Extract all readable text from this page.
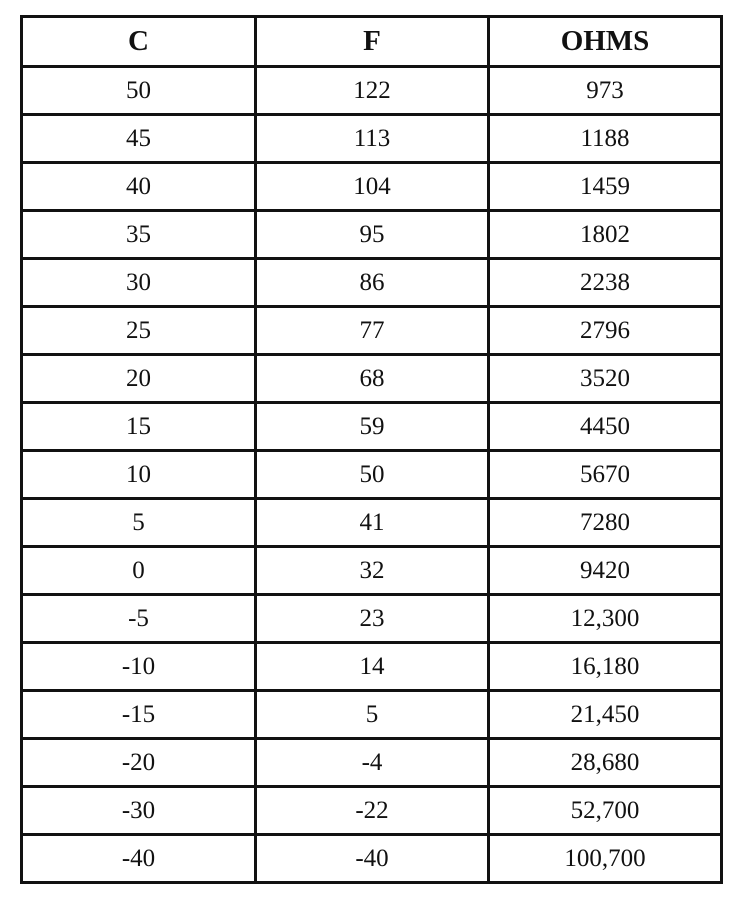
C	F	OHMS
50	122	973
45	113	1188
40	104	1459
35	95	1802
30	86	2238
25	77	2796
20	68	3520
15	59	4450
10	50	5670
5	41	7280
0	32	9420
-5	23	12,300
-10	14	16,180
-15	5	21,450
-20	-4	28,680
-30	-22	52,700
-40	-40	100,700
